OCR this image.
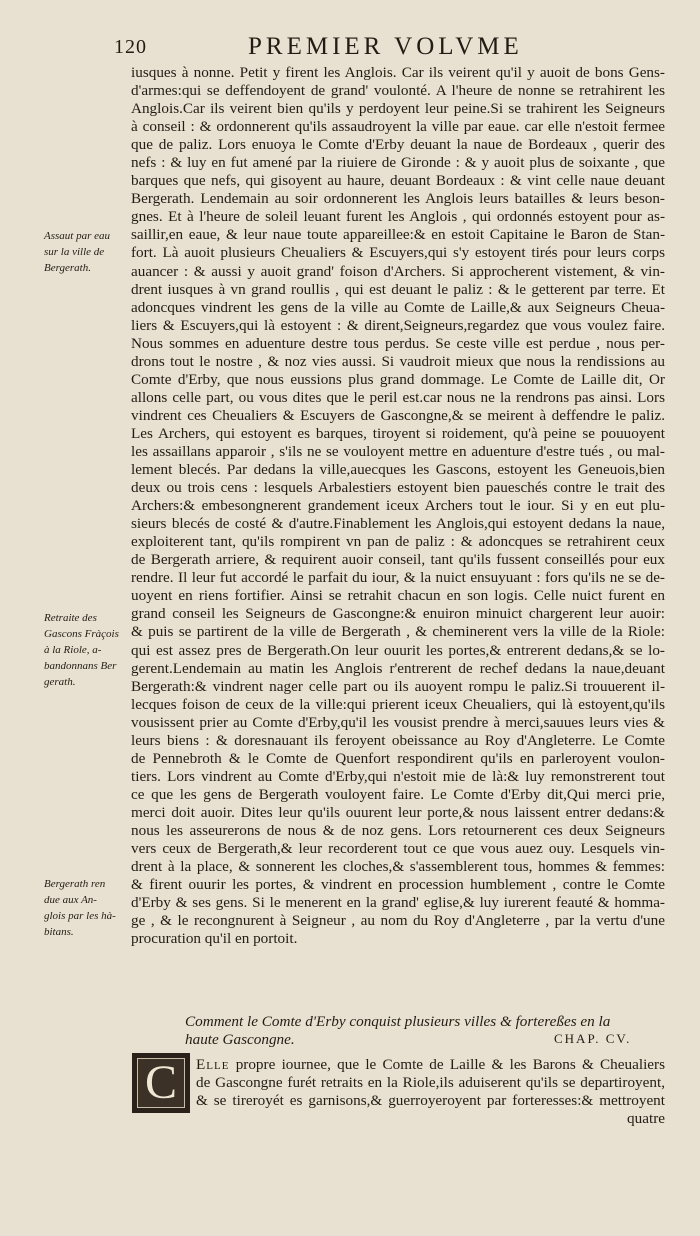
120	PREMIER VOLVME
iusques à nonne. Petit y firent les Anglois. Car ils veirent qu'il y auoit de bons Gens-
d'armes:qui se deffendoyent de grand' voulonté. A l'heure de nonne se retrahirent les
Anglois.Car ils veirent bien qu'ils y perdoyent leur peine.Si se trahirent les Seigneurs
à conseil : & ordonnerent qu'ils assaudroyent la ville par eaue. car elle n'estoit fermee
que de paliz. Lors enuoya le Comte d'Erby deuant la naue de Bordeaux , querir des
nefs : & luy en fut amené par la riuiere de Gironde : & y auoit plus de soixante , que
barques que nefs, qui gisoyent au haure, deuant Bordeaux : & vint celle naue deuant
Bergerath. Lendemain au soir ordonnerent les Anglois leurs batailles & leurs beson-
gnes. Et à l'heure de soleil leuant furent les Anglois , qui ordonnés estoyent pour as-
saillir,en eaue, & leur naue toute appareillee:& en estoit Capitaine le Baron de Stan-
fort. Là auoit plusieurs Cheualiers & Escuyers,qui s'y estoyent tirés pour leurs corps
auancer : & aussi y auoit grand' foison d'Archers. Si approcherent vistement, & vin-
drent iusques à vn grand roullis , qui est deuant le paliz : & le getterent par terre. Et
adoncques vindrent les gens de la ville au Comte de Laille,& aux Seigneurs Cheua-
liers & Escuyers,qui là estoyent : & dirent,Seigneurs,regardez que vous voulez faire.
Nous sommes en aduenture destre tous perdus. Se ceste ville est perdue , nous per-
drons tout le nostre , & noz vies aussi. Si vaudroit mieux que nous la rendissions au
Comte d'Erby, que nous eussions plus grand dommage. Le Comte de Laille dit, Or
allons celle part, ou vous dites que le peril est.car nous ne la rendrons pas ainsi. Lors
vindrent ces Cheualiers & Escuyers de Gascongne,& se meirent à deffendre le paliz.
Les Archers, qui estoyent es barques, tiroyent si roidement, qu'à peine se pouuoyent
les assaillans apparoir , s'ils ne se vouloyent mettre en aduenture d'estre tués , ou mal-
lement blecés. Par dedans la ville,auecques les Gascons, estoyent les Geneuois,bien
deux ou trois cens : lesquels Arbalestiers estoyent bien paueschés contre le trait des
Archers:& embesongnerent grandement iceux Archers tout le iour. Si y en eut plu-
sieurs blecés de costé & d'autre.Finablement les Anglois,qui estoyent dedans la naue,
exploiterent tant, qu'ils rompirent vn pan de paliz : & adoncques se retrahirent ceux
de Bergerath arriere, & requirent auoir conseil, tant qu'ils fussent conseillés pour eux
rendre. Il leur fut accordé le parfait du iour, & la nuict ensuyuant : fors qu'ils ne se de-
uoyent en riens fortifier. Ainsi se retrahit chacun en son logis. Celle nuict furent en
grand conseil les Seigneurs de Gascongne:& enuiron minuict chargerent leur auoir:
& puis se partirent de la ville de Bergerath , & cheminerent vers la ville de la Riole:
qui est assez pres de Bergerath.On leur ouurit les portes,& entrerent dedans,& se lo-
gerent.Lendemain au matin les Anglois r'entrerent de rechef dedans la naue,deuant
Bergerath:& vindrent nager celle part ou ils auoyent rompu le paliz.Si trouuerent il-
lecques foison de ceux de la ville:qui prierent iceux Cheualiers, qui là estoyent,qu'ils
vousissent prier au Comte d'Erby,qu'il les vousist prendre à merci,sauues leurs vies &
leurs biens : & doresnauant ils feroyent obeissance au Roy d'Angleterre. Le Comte
de Pennebroth & le Comte de Quenfort respondirent qu'ils en parleroyent voulon-
tiers. Lors vindrent au Comte d'Erby,qui n'estoit mie de là:& luy remonstrerent tout
ce que les gens de Bergerath vouloyent faire. Le Comte d'Erby dit,Qui merci prie,
merci doit auoir. Dites leur qu'ils ouurent leur porte,& nous laissent entrer dedans:&
nous les asseurerons de nous & de noz gens. Lors retournerent ces deux Seigneurs
vers ceux de Bergerath,& leur recorderent tout ce que vous auez ouy. Lesquels vin-
drent à la place, & sonnerent les cloches,& s'assemblerent tous, hommes & femmes:
& firent ouurir les portes, & vindrent en procession humblement , contre le Comte
d'Erby & ses gens. Si le menerent en la grand' eglise,& luy iurerent feauté & homma-
ge , & le recongnurent à Seigneur , au nom du Roy d'Angleterre , par la vertu d'une
procuration qu'il en portoit.

Assaut par eau

sur la ville de

Bergerath.

Retraite des

Gascons Fràçois

à la Riole, a-

bandonnans Ber

gerath.

Bergerath ren

due aux An-

glois par les hà-

bitans.

Comment le Comte d'Erby conquist plusieurs villes & fortereßes en la
haute Gascongne.	CHAP. CV.
C	Elle propre iournee, que le Comte de Laille & les Barons & Cheualiers
de Gascongne furét retraits en la Riole,ils aduiserent qu'ils se departiroyent,
& se tireroyét es garnisons,& guerroyeroyent par forteresses:& mettroyent
quatre
